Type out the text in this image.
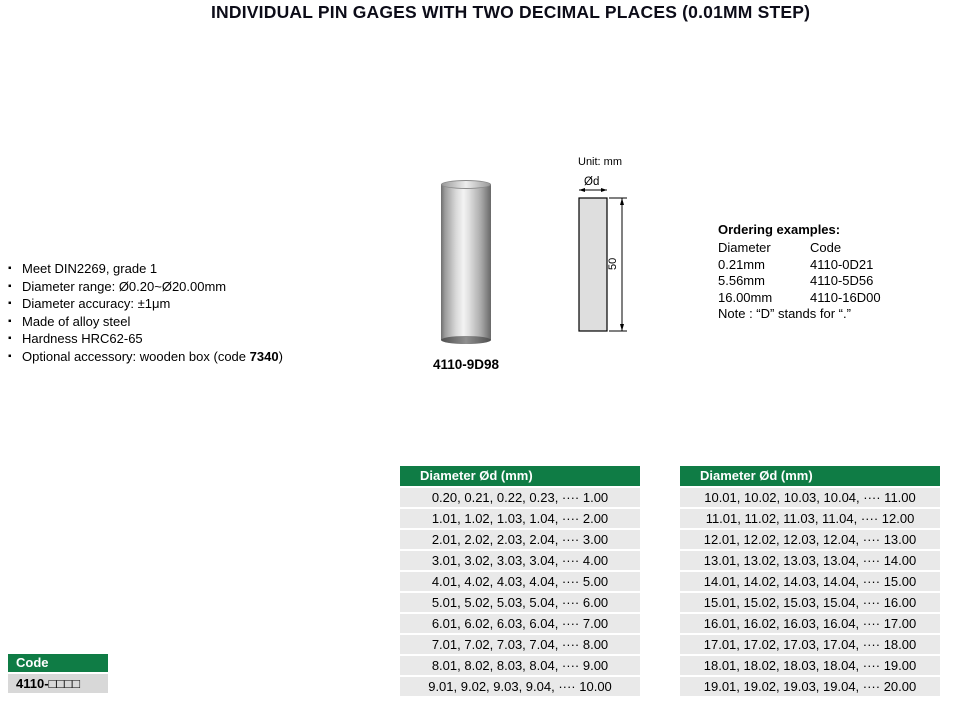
INDIVIDUAL PIN GAGES WITH TWO DECIMAL PLACES (0.01MM STEP)
▪ Meet DIN2269, grade 1
▪ Diameter range: Ø0.20~Ø20.00mm
▪ Diameter accuracy: ±1μm
▪ Made of alloy steel
▪ Hardness HRC62-65
▪ Optional accessory: wooden box (code 7340)
4110-9D98
Unit: mm
Ød
50
Ordering examples:
Diameter	Code
0.21mm	4110-0D21
5.56mm	4110-5D56
16.00mm	4110-16D00
Note : “D” stands for “.”
Diameter Ød (mm)
0.20, 0.21, 0.22, 0.23, ···· 1.00
1.01, 1.02, 1.03, 1.04, ···· 2.00
2.01, 2.02, 2.03, 2.04, ···· 3.00
3.01, 3.02, 3.03, 3.04, ···· 4.00
4.01, 4.02, 4.03, 4.04, ···· 5.00
5.01, 5.02, 5.03, 5.04, ···· 6.00
6.01, 6.02, 6.03, 6.04, ···· 7.00
7.01, 7.02, 7.03, 7.04, ···· 8.00
8.01, 8.02, 8.03, 8.04, ···· 9.00
9.01, 9.02, 9.03, 9.04, ···· 10.00
Diameter Ød (mm)
10.01, 10.02, 10.03, 10.04, ···· 11.00
11.01, 11.02, 11.03, 11.04, ···· 12.00
12.01, 12.02, 12.03, 12.04, ···· 13.00
13.01, 13.02, 13.03, 13.04, ···· 14.00
14.01, 14.02, 14.03, 14.04, ···· 15.00
15.01, 15.02, 15.03, 15.04, ···· 16.00
16.01, 16.02, 16.03, 16.04, ···· 17.00
17.01, 17.02, 17.03, 17.04, ···· 18.00
18.01, 18.02, 18.03, 18.04, ···· 19.00
19.01, 19.02, 19.03, 19.04, ···· 20.00
Code
4110-□□□□
